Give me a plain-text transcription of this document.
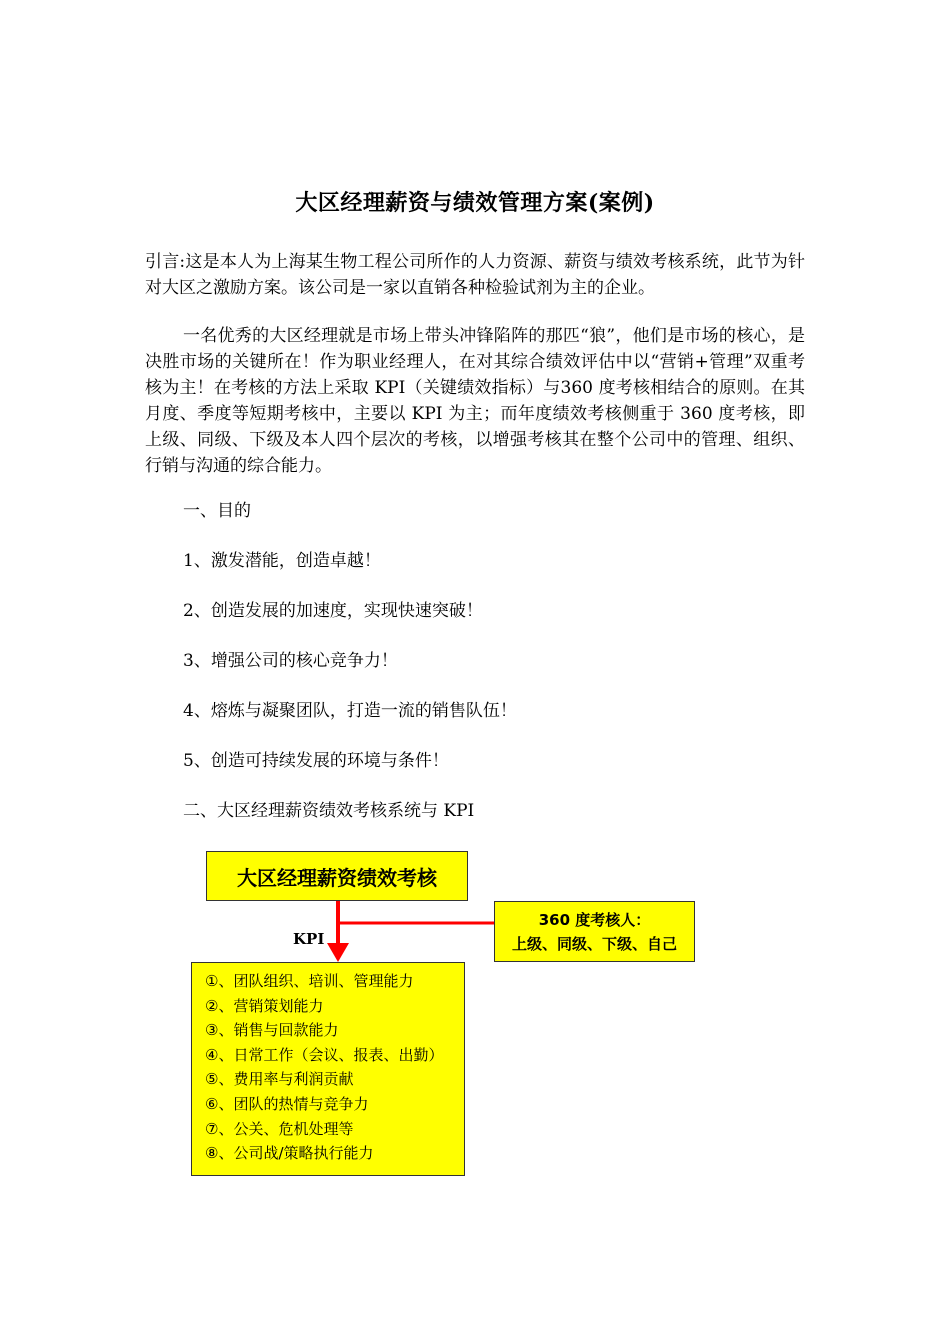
大区经理薪资与绩效管理方案(案例)
引言:这是本人为上海某生物工程公司所作的人力资源、薪资与绩效考核系统，此节为针对大区之激励方案。该公司是一家以直销各种检验试剂为主的企业。
一名优秀的大区经理就是市场上带头冲锋陷阵的那匹“狼”，他们是市场的核心，是决胜市场的关键所在！作为职业经理人，在对其综合绩效评估中以“营销+管理”双重考核为主！在考核的方法上采取 KPI（关键绩效指标）与360 度考核相结合的原则。在其月度、季度等短期考核中，主要以 KPI 为主；而年度绩效考核侧重于 360 度考核，即上级、同级、下级及本人四个层次的考核，以增强考核其在整个公司中的管理、组织、行销与沟通的综合能力。
一、目的
1、激发潜能，创造卓越！
2、创造发展的加速度，实现快速突破！
3、增强公司的核心竞争力！
4、熔炼与凝聚团队，打造一流的销售队伍！
5、创造可持续发展的环境与条件！
二、大区经理薪资绩效考核系统与 KPI
大区经理薪资绩效考核
KPI
360 度考核人：
上级、同级、下级、自己
①、团队组织、培训、管理能力
②、营销策划能力
③、销售与回款能力
④、日常工作（会议、报表、出勤）
⑤、费用率与利润贡献
⑥、团队的热情与竞争力
⑦、公关、危机处理等
⑧、公司战/策略执行能力
